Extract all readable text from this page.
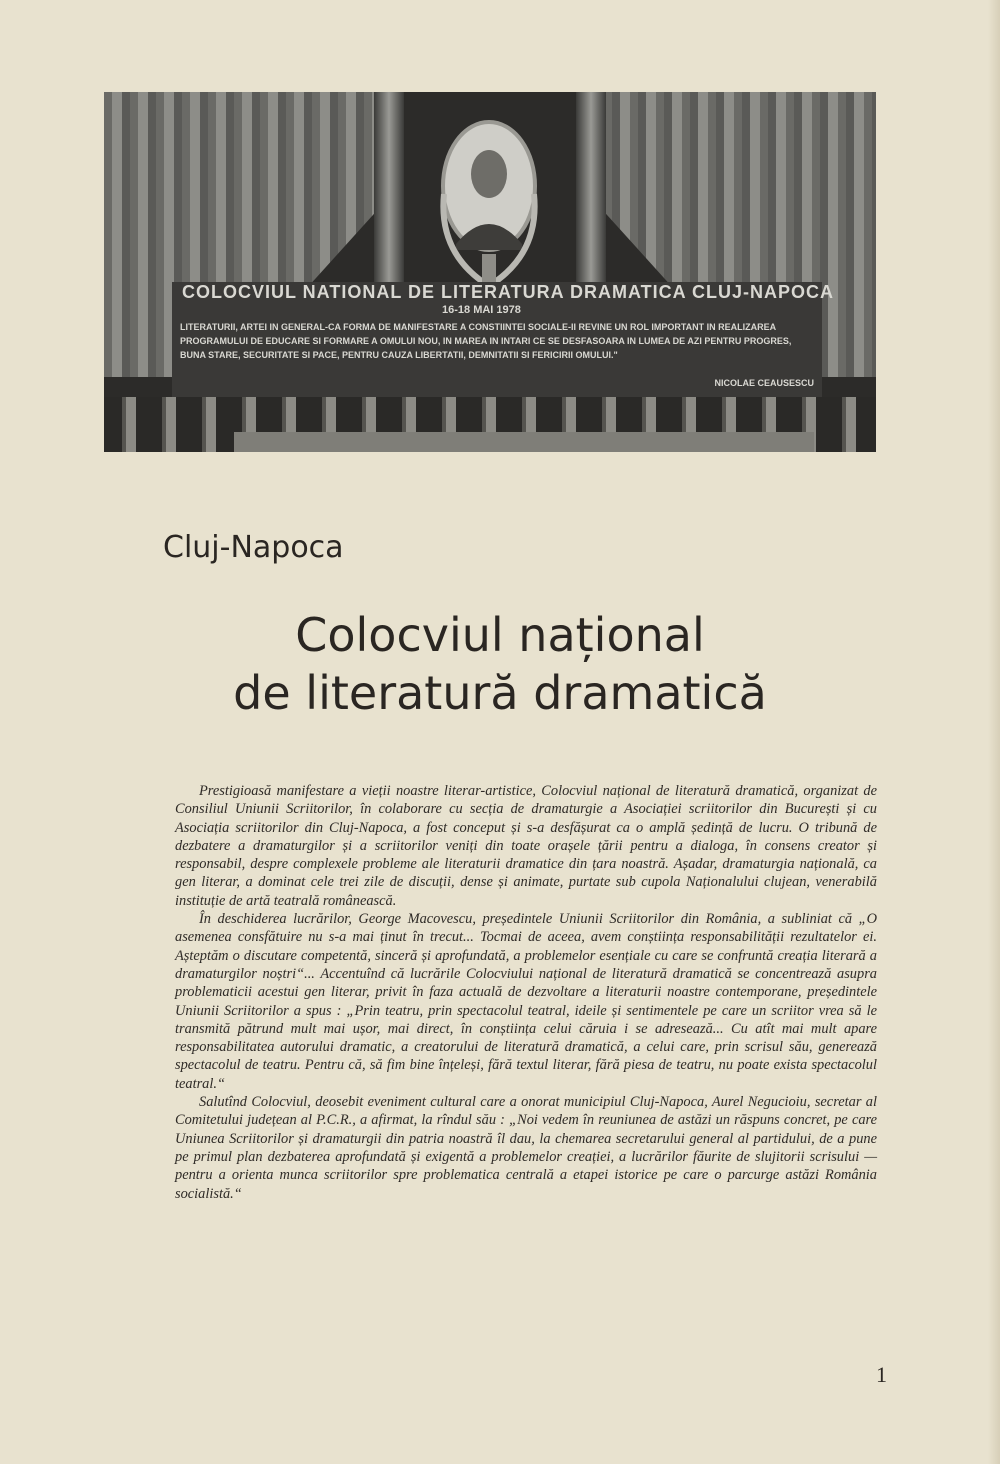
COLOCVIUL NATIONAL DE LITERATURA DRAMATICA CLUJ-NAPOCA
16-18 MAI 1978
LITERATURII, ARTEI IN GENERAL-CA FORMA DE MANIFESTARE A CONSTIINTEI SOCIALE-II REVINE UN ROL IMPORTANT IN REALIZAREA PROGRAMULUI DE EDUCARE SI FORMARE A OMULUI NOU, IN MAREA IN INTARI CE SE DESFASOARA IN LUMEA DE AZI PENTRU PROGRES, BUNA STARE, SECURITATE SI PACE, PENTRU CAUZA LIBERTATII, DEMNITATII SI FERICIRII OMULUI."
NICOLAE CEAUSESCU
Cluj-Napoca
Colocviul național
de literatură dramatică

Prestigioasă manifestare a vieții noastre literar-artistice, Colocviul național de literatură dramatică, organizat de Consiliul Uniunii Scriitorilor, în colaborare cu secția de dramaturgie a Asociației scriitorilor din București și cu Asociația scriitorilor din Cluj-Napoca, a fost conceput și s-a desfășurat ca o amplă ședință de lucru. O tribună de dezbatere a dramaturgilor și a scriitorilor veniți din toate orașele țării pentru a dialoga, în consens creator și responsabil, despre complexele probleme ale literaturii dramatice din țara noastră. Așadar, dramaturgia națională, ca gen literar, a dominat cele trei zile de discuții, dense și animate, purtate sub cupola Naționalului clujean, venerabilă instituție de artă teatrală românească.

În deschiderea lucrărilor, George Macovescu, președintele Uniunii Scriitorilor din România, a subliniat că „O asemenea consfătuire nu s-a mai ținut în trecut... Tocmai de aceea, avem conștiința responsabilității rezultatelor ei. Așteptăm o discutare competentă, sinceră și aprofundată, a problemelor esențiale cu care se confruntă creația literară a dramaturgilor noștri“... Accentuînd că lucrările Colocviului național de literatură dramatică se concentrează asupra problematicii acestui gen literar, privit în faza actuală de dezvoltare a literaturii noastre contemporane, președintele Uniunii Scriitorilor a spus : „Prin teatru, prin spectacolul teatral, ideile și sentimentele pe care un scriitor vrea să le transmită pătrund mult mai ușor, mai direct, în conștiința celui căruia i se adresează... Cu atît mai mult apare responsabilitatea autorului dramatic, a creatorului de literatură dramatică, a celui care, prin scrisul său, generează spectacolul de teatru. Pentru că, să fim bine înțeleși, fără textul literar, fără piesa de teatru, nu poate exista spectacolul teatral.“

Salutînd Colocviul, deosebit eveniment cultural care a onorat municipiul Cluj-Napoca, Aurel Negucioiu, secretar al Comitetului județean al P.C.R., a afirmat, la rîndul său : „Noi vedem în reuniunea de astăzi un răspuns concret, pe care Uniunea Scriitorilor și dramaturgii din patria noastră îl dau, la chemarea secretarului general al partidului, de a pune pe primul plan dezbaterea aprofundată și exigentă a problemelor creației, a lucrărilor făurite de slujitorii scrisului — pentru a orienta munca scriitorilor spre problematica centrală a etapei istorice pe care o parcurge astăzi România socialistă.“

1
